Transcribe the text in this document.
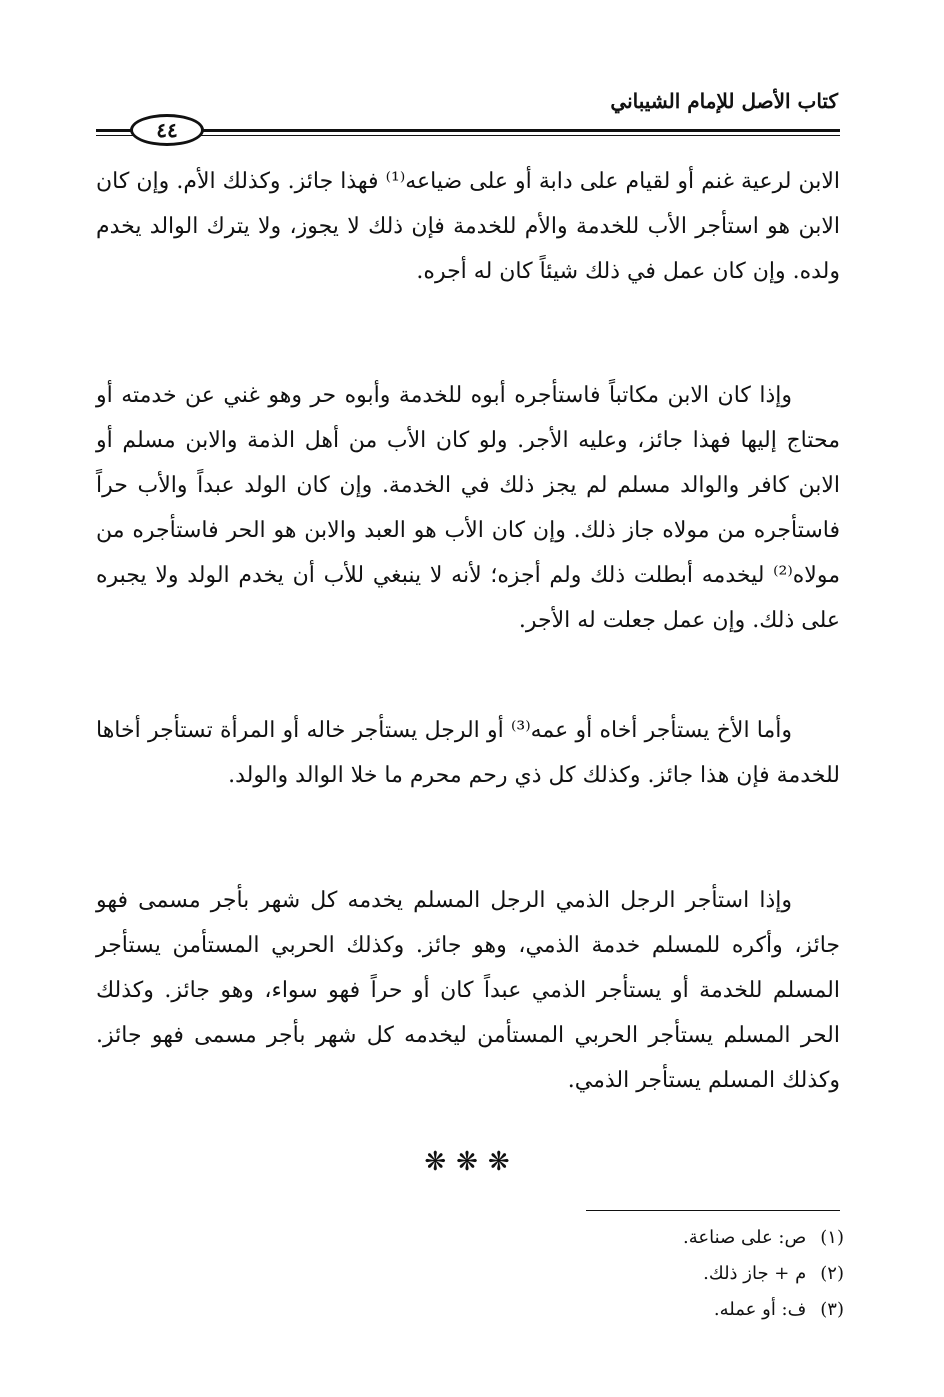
كتاب الأصل للإمام الشيباني
٤٤

الابن لرعية غنم أو لقيام على دابة أو على ضياعه⁽¹⁾ فهذا جائز. وكذلك الأم. وإن كان الابن هو استأجر الأب للخدمة والأم للخدمة فإن ذلك لا يجوز، ولا يترك الوالد يخدم ولده. وإن كان عمل في ذلك شيئاً كان له أجره.

وإذا كان الابن مكاتباً فاستأجره أبوه للخدمة وأبوه حر وهو غني عن خدمته أو محتاج إليها فهذا جائز، وعليه الأجر. ولو كان الأب من أهل الذمة والابن مسلم أو الابن كافر والوالد مسلم لم يجز ذلك في الخدمة. وإن كان الولد عبداً والأب حراً فاستأجره من مولاه جاز ذلك. وإن كان الأب هو العبد والابن هو الحر فاستأجره من مولاه⁽²⁾ ليخدمه أبطلت ذلك ولم أجزه؛ لأنه لا ينبغي للأب أن يخدم الولد ولا يجبره على ذلك. وإن عمل جعلت له الأجر.

وأما الأخ يستأجر أخاه أو عمه⁽³⁾ أو الرجل يستأجر خاله أو المرأة تستأجر أخاها للخدمة فإن هذا جائز. وكذلك كل ذي رحم محرم ما خلا الوالد والولد.

وإذا استأجر الرجل الذمي الرجل المسلم يخدمه كل شهر بأجر مسمى فهو جائز، وأكره للمسلم خدمة الذمي، وهو جائز. وكذلك الحربي المستأمن يستأجر المسلم للخدمة أو يستأجر الذمي عبداً كان أو حراً فهو سواء، وهو جائز. وكذلك الحر المسلم يستأجر الحربي المستأمن ليخدمه كل شهر بأجر مسمى فهو جائز. وكذلك المسلم يستأجر الذمي.

❋❋❋
(١)ص: على صناعة.
(٢)م + جاز ذلك.
(٣)ف: أو عمله.
